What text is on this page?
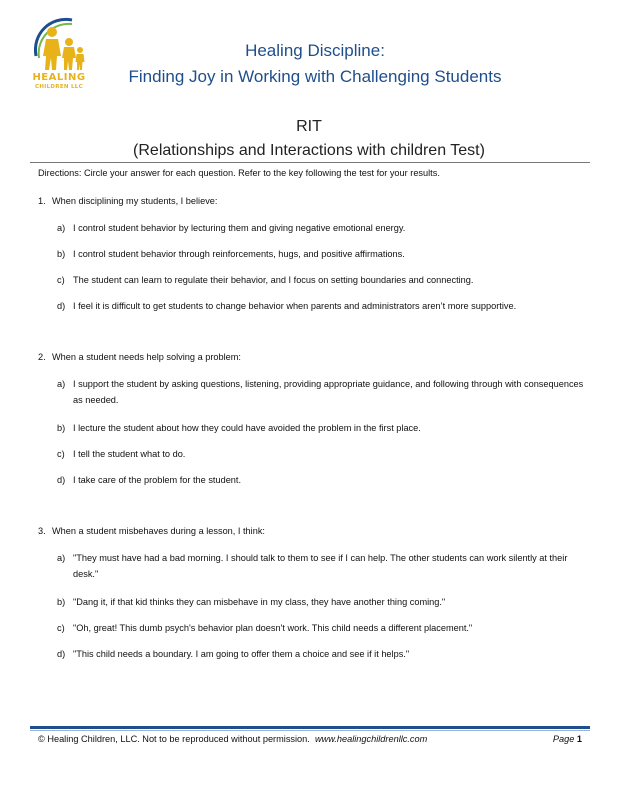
HEALING
CHILDREN LLC
Healing Discipline:
Finding Joy in Working with Challenging Students
RIT
(Relationships and Interactions with children Test)
Directions: Circle your answer for each question. Refer to the key following the test for your results.
1. When disciplining my students, I believe:
a) I control student behavior by lecturing them and giving negative emotional energy.
b) I control student behavior through reinforcements, hugs, and positive affirmations.
c) The student can learn to regulate their behavior, and I focus on setting boundaries and connecting.
d) I feel it is difficult to get students to change behavior when parents and administrators aren’t more supportive.
2. When a student needs help solving a problem:
a) I support the student by asking questions, listening, providing appropriate guidance, and following through with consequences as needed.
b) I lecture the student about how they could have avoided the problem in the first place.
c) I tell the student what to do.
d) I take care of the problem for the student.
3. When a student misbehaves during a lesson, I think:
a) "They must have had a bad morning. I should talk to them to see if I can help. The other students can work silently at their desk."
b) "Dang it, if that kid thinks they can misbehave in my class, they have another thing coming."
c) "Oh, great! This dumb psych's behavior plan doesn't work. This child needs a different placement."
d) "This child needs a boundary. I am going to offer them a choice and see if it helps."
© Healing Children, LLC. Not to be reproduced without permission. www.healingchildrenllc.com	Page 1
